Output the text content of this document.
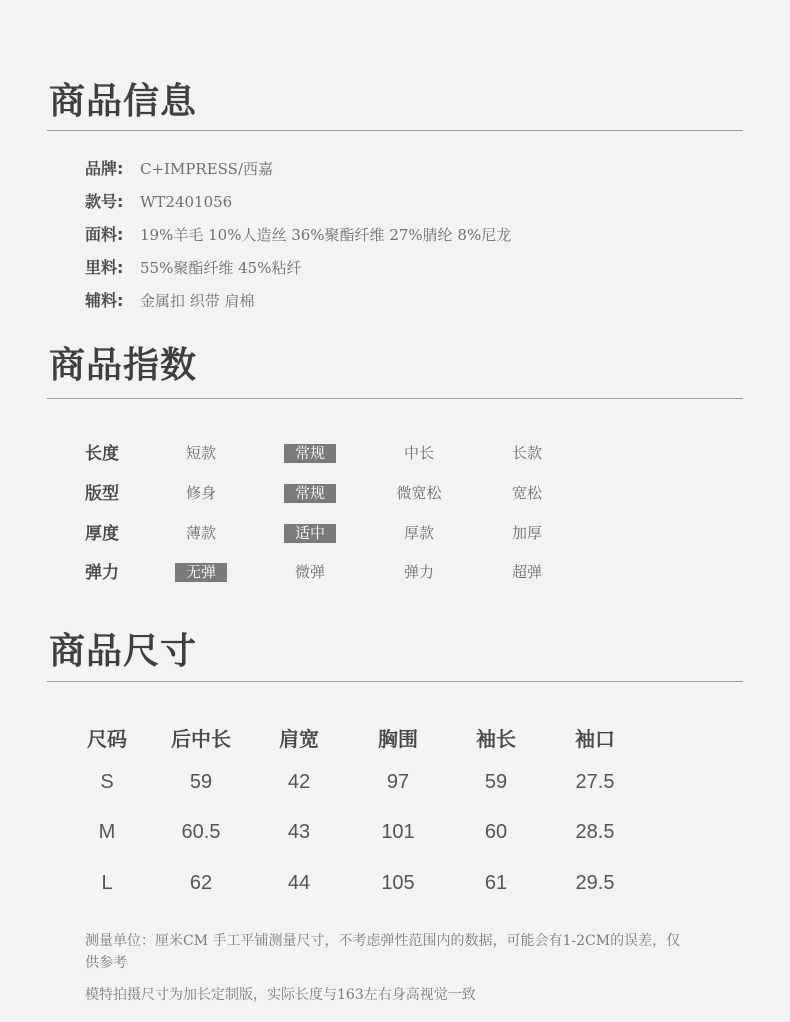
商品信息
品牌: C+IMPRESS/西嘉
款号: WT2401056
面料: 19%羊毛 10%人造丝 36%聚酯纤维 27%腈纶 8%尼龙
里料: 55%聚酯纤维 45%粘纤
辅料: 金属扣 织带 肩棉
商品指数
长度	短款	常规	中长	长款
版型	修身	常规	微宽松	宽松
厚度	薄款	适中	厚款	加厚
弹力	无弹	微弹	弹力	超弹
商品尺寸
尺码	后中长	肩宽	胸围	袖长	袖口
S	59	42	97	59	27.5
M	60.5	43	101	60	28.5
L	62	44	105	61	29.5
测量单位：厘米CM 手工平铺测量尺寸，不考虑弹性范围内的数据，可能会有1-2CM的误差，仅供参考
模特拍摄尺寸为加长定制版，实际长度与163左右身高视觉一致
